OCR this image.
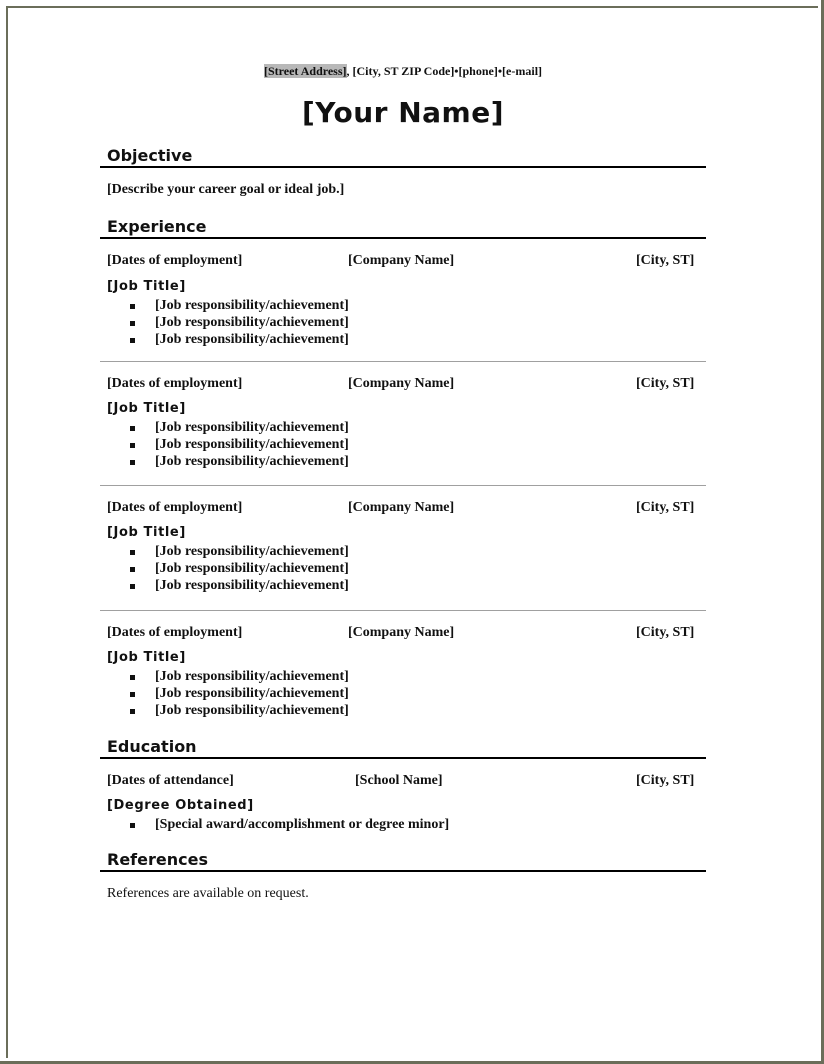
[Street Address], [City, ST ZIP Code]•[phone]•[e-mail]
[Your Name]
Objective
[Describe your career goal or ideal job.]
Experience
[Dates of employment]	[Company Name]	[City, ST]
[Job Title]
[Job responsibility/achievement]
[Job responsibility/achievement]
[Job responsibility/achievement]
[Dates of employment]	[Company Name]	[City, ST]
[Job Title]
[Job responsibility/achievement]
[Job responsibility/achievement]
[Job responsibility/achievement]
[Dates of employment]	[Company Name]	[City, ST]
[Job Title]
[Job responsibility/achievement]
[Job responsibility/achievement]
[Job responsibility/achievement]
[Dates of employment]	[Company Name]	[City, ST]
[Job Title]
[Job responsibility/achievement]
[Job responsibility/achievement]
[Job responsibility/achievement]
Education
[Dates of attendance]	[School Name]	[City, ST]
[Degree Obtained]
[Special award/accomplishment or degree minor]
References
References are available on request.
